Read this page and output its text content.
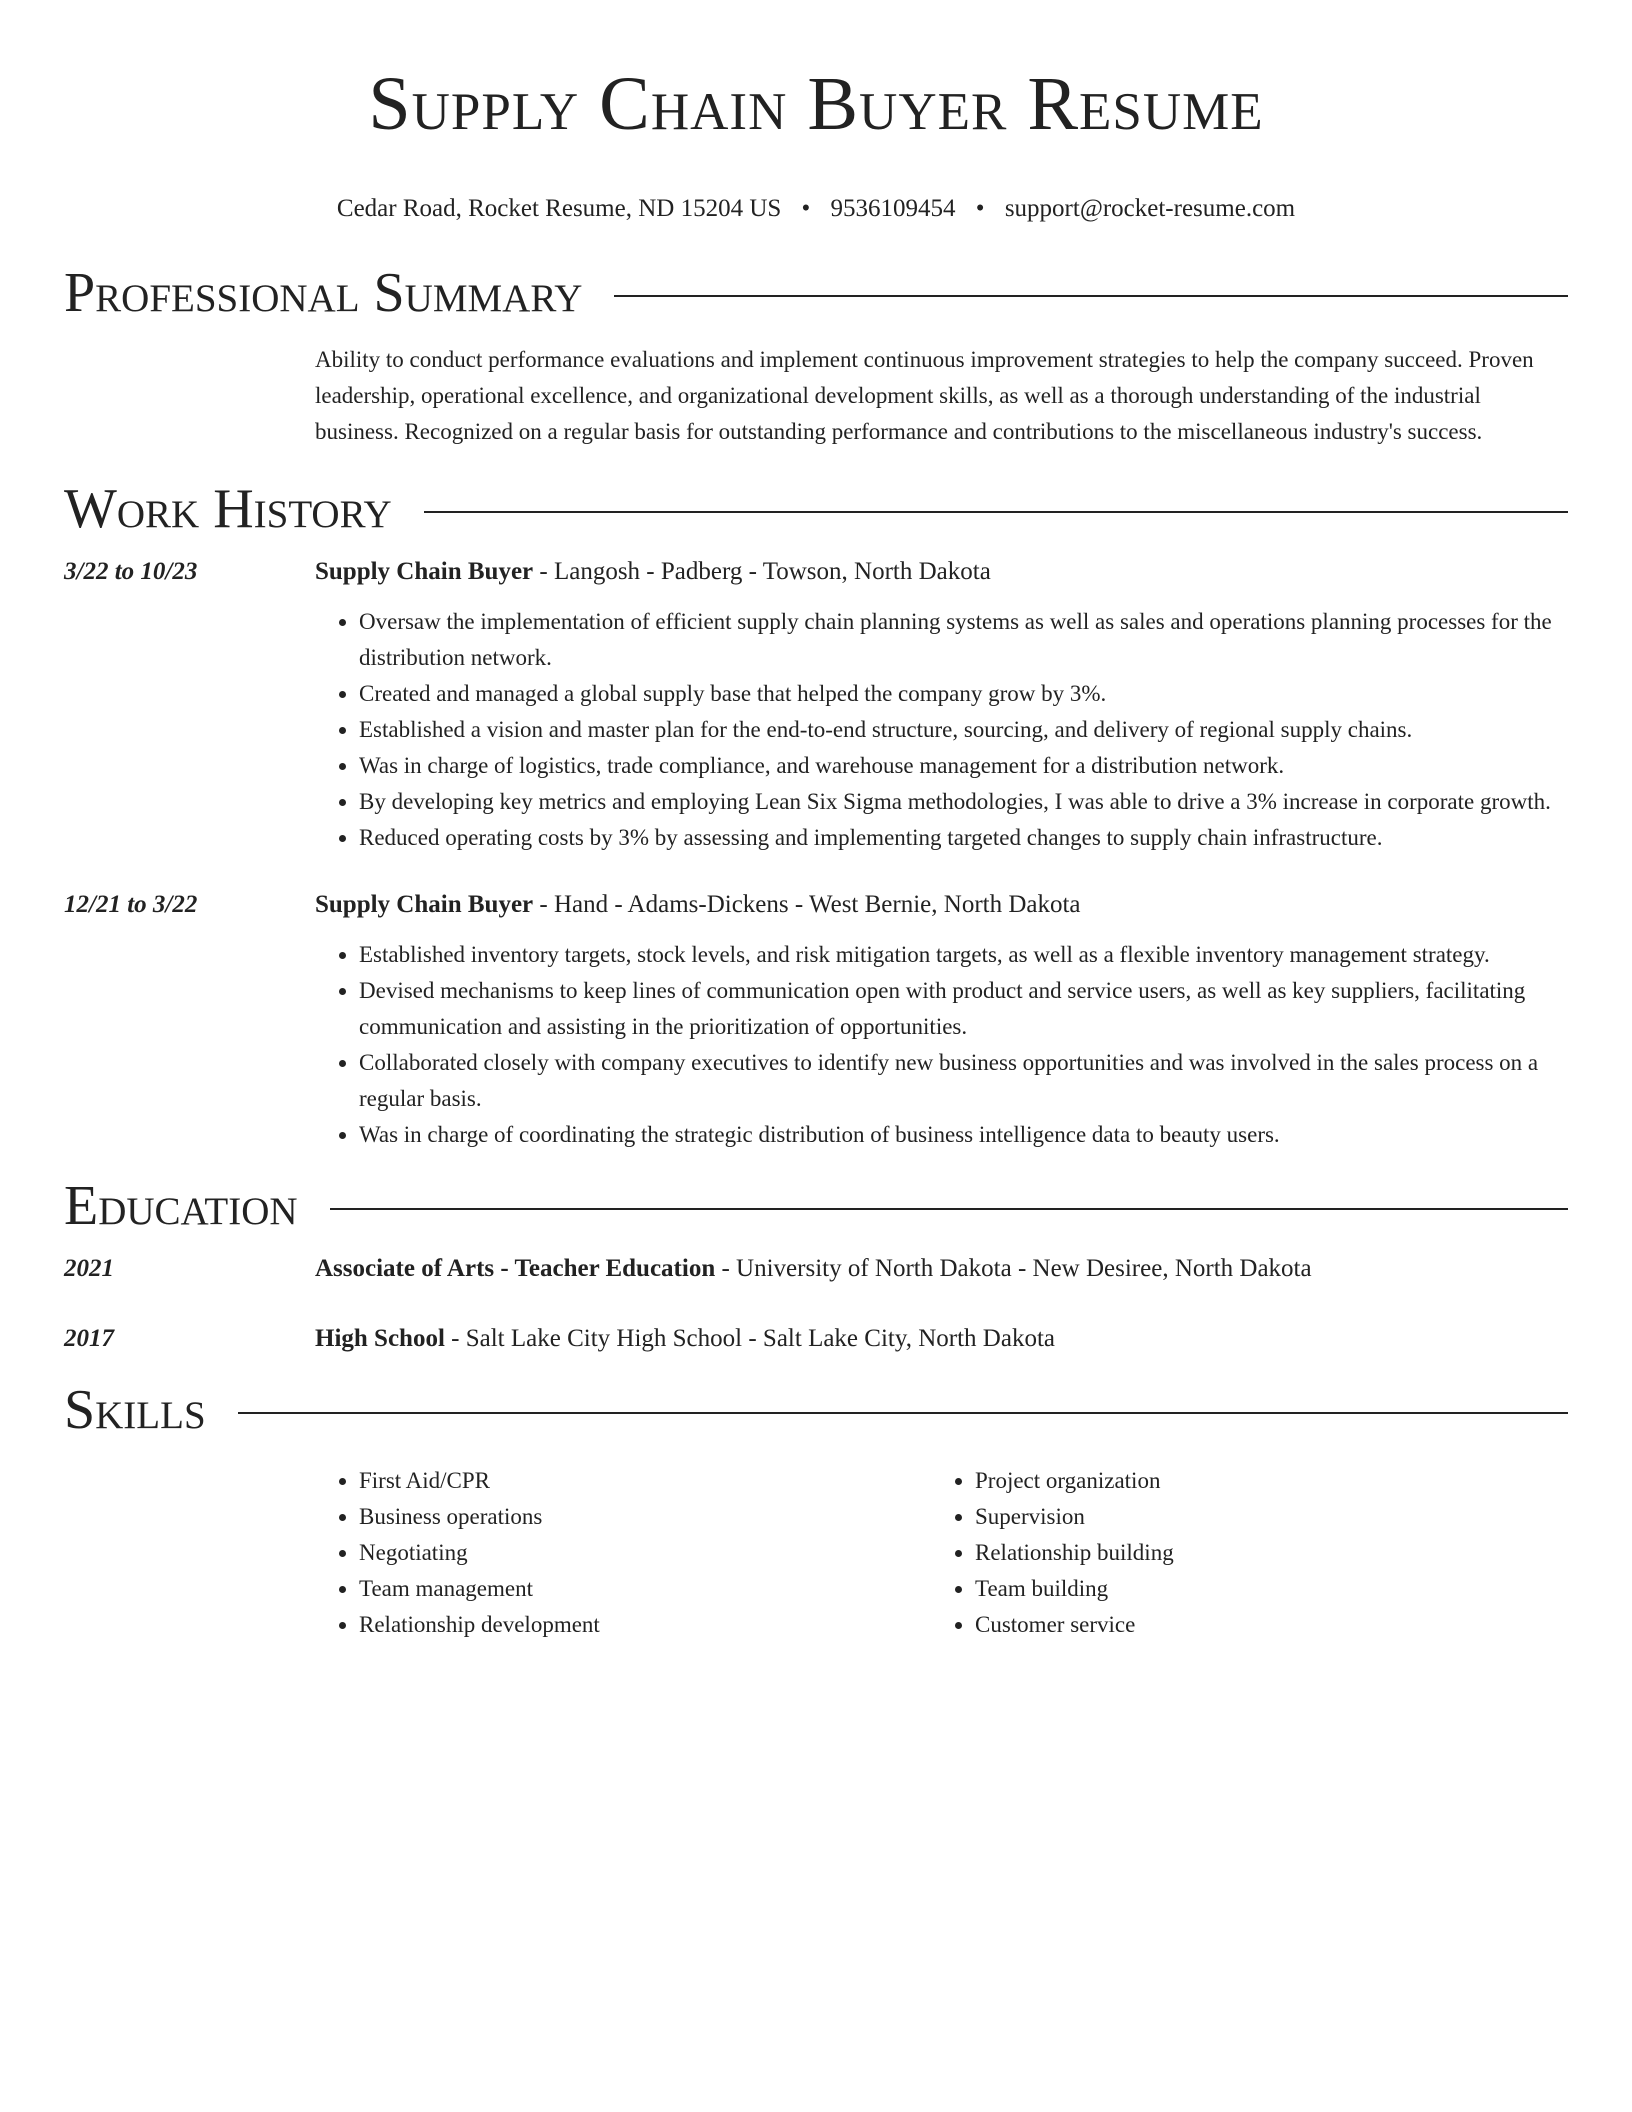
Supply Chain Buyer Resume
Cedar Road, Rocket Resume, ND 15204 US • 9536109454 • support@rocket-resume.com
Professional Summary
Ability to conduct performance evaluations and implement continuous improvement strategies to help the company succeed. Proven leadership, operational excellence, and organizational development skills, as well as a thorough understanding of the industrial business. Recognized on a regular basis for outstanding performance and contributions to the miscellaneous industry's success.
Work History
3/22 to 10/23	Supply Chain Buyer - Langosh - Padberg - Towson, North Dakota
• Oversaw the implementation of efficient supply chain planning systems as well as sales and operations planning processes for the distribution network.
• Created and managed a global supply base that helped the company grow by 3%.
• Established a vision and master plan for the end-to-end structure, sourcing, and delivery of regional supply chains.
• Was in charge of logistics, trade compliance, and warehouse management for a distribution network.
• By developing key metrics and employing Lean Six Sigma methodologies, I was able to drive a 3% increase in corporate growth.
• Reduced operating costs by 3% by assessing and implementing targeted changes to supply chain infrastructure.
12/21 to 3/22	Supply Chain Buyer - Hand - Adams-Dickens - West Bernie, North Dakota
• Established inventory targets, stock levels, and risk mitigation targets, as well as a flexible inventory management strategy.
• Devised mechanisms to keep lines of communication open with product and service users, as well as key suppliers, facilitating communication and assisting in the prioritization of opportunities.
• Collaborated closely with company executives to identify new business opportunities and was involved in the sales process on a regular basis.
• Was in charge of coordinating the strategic distribution of business intelligence data to beauty users.
Education
2021	Associate of Arts - Teacher Education - University of North Dakota - New Desiree, North Dakota
2017	High School - Salt Lake City High School - Salt Lake City, North Dakota
Skills
• First Aid/CPR
• Business operations
• Negotiating
• Team management
• Relationship development
• Project organization
• Supervision
• Relationship building
• Team building
• Customer service
